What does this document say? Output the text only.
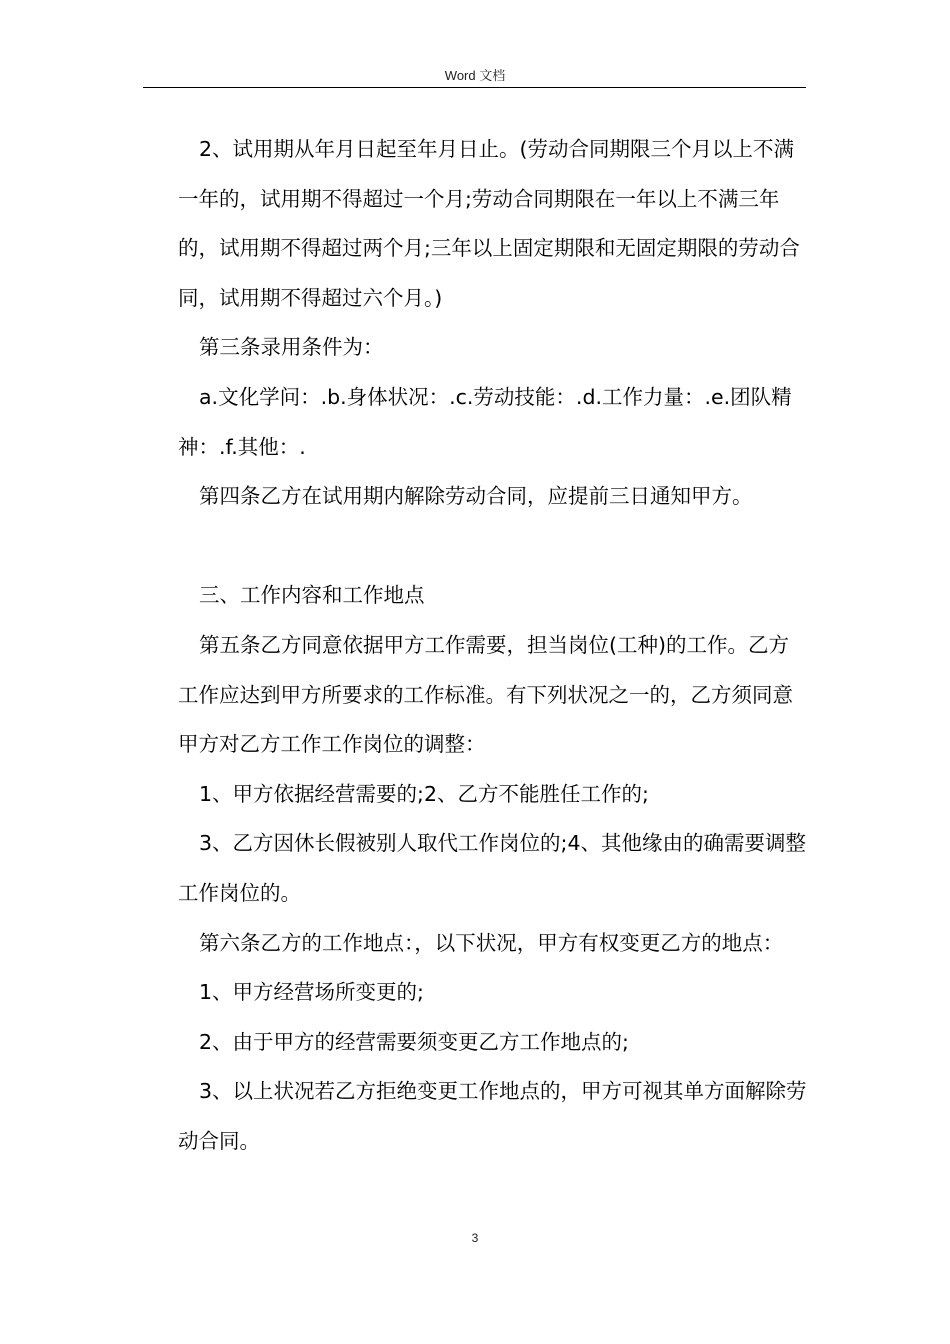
Word 文档

2、试用期从年月日起至年月日止。(劳动合同期限三个月以上不满一年的，试用期不得超过一个月;劳动合同期限在一年以上不满三年的，试用期不得超过两个月;三年以上固定期限和无固定期限的劳动合同，试用期不得超过六个月。)

第三条录用条件为：

a.文化学问：.b.身体状况：.c.劳动技能：.d.工作力量：.e.团队精神：.f.其他：.

第四条乙方在试用期内解除劳动合同，应提前三日通知甲方。

三、工作内容和工作地点

第五条乙方同意依据甲方工作需要，担当岗位(工种)的工作。乙方工作应达到甲方所要求的工作标准。有下列状况之一的，乙方须同意甲方对乙方工作工作岗位的调整：

1、甲方依据经营需要的;2、乙方不能胜任工作的;

3、乙方因休长假被别人取代工作岗位的;4、其他缘由的确需要调整工作岗位的。

第六条乙方的工作地点：，以下状况，甲方有权变更乙方的地点：

1、甲方经营场所变更的;

2、由于甲方的经营需要须变更乙方工作地点的;

3、以上状况若乙方拒绝变更工作地点的，甲方可视其单方面解除劳动合同。

3
